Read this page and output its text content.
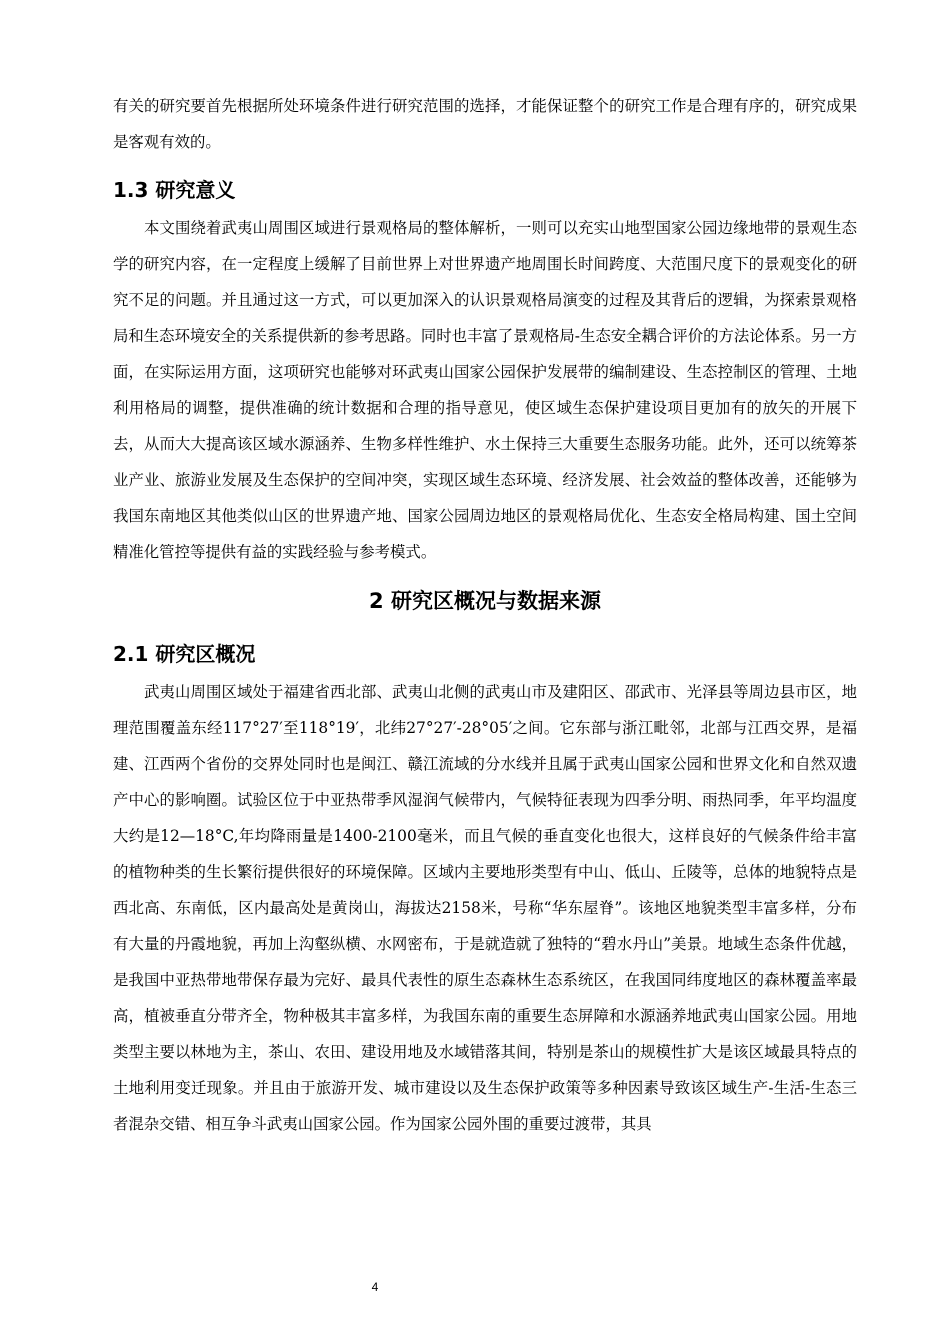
有关的研究要首先根据所处环境条件进行研究范围的选择，才能保证整个的研究工作是合理有序的，研究成果是客观有效的。

1.3 研究意义

本文围绕着武夷山周围区域进行景观格局的整体解析，一则可以充实山地型国家公园边缘地带的景观生态学的研究内容，在一定程度上缓解了目前世界上对世界遗产地周围长时间跨度、大范围尺度下的景观变化的研究不足的问题。并且通过这一方式，可以更加深入的认识景观格局演变的过程及其背后的逻辑，为探索景观格局和生态环境安全的关系提供新的参考思路。同时也丰富了景观格局-生态安全耦合评价的方法论体系。另一方面，在实际运用方面，这项研究也能够对环武夷山国家公园保护发展带的编制建设、生态控制区的管理、土地利用格局的调整，提供准确的统计数据和合理的指导意见，使区域生态保护建设项目更加有的放矢的开展下去，从而大大提高该区域水源涵养、生物多样性维护、水土保持三大重要生态服务功能。此外，还可以统筹茶业产业、旅游业发展及生态保护的空间冲突，实现区域生态环境、经济发展、社会效益的整体改善，还能够为我国东南地区其他类似山区的世界遗产地、国家公园周边地区的景观格局优化、生态安全格局构建、国土空间精准化管控等提供有益的实践经验与参考模式。

2 研究区概况与数据来源
2.1 研究区概况

武夷山周围区域处于福建省西北部、武夷山北侧的武夷山市及建阳区、邵武市、光泽县等周边县市区，地理范围覆盖东经117°27′至118°19′，北纬27°27′-28°05′之间。它东部与浙江毗邻，北部与江西交界，是福建、江西两个省份的交界处同时也是闽江、赣江流域的分水线并且属于武夷山国家公园和世界文化和自然双遗产中心的影响圈。试验区位于中亚热带季风湿润气候带内，气候特征表现为四季分明、雨热同季，年平均温度大约是12—18°C,年均降雨量是1400-2100毫米，而且气候的垂直变化也很大，这样良好的气候条件给丰富的植物种类的生长繁衍提供很好的环境保障。区域内主要地形类型有中山、低山、丘陵等，总体的地貌特点是西北高、东南低，区内最高处是黄岗山，海拔达2158米，号称“华东屋脊”。该地区地貌类型丰富多样，分布有大量的丹霞地貌，再加上沟壑纵横、水网密布，于是就造就了独特的“碧水丹山”美景。地域生态条件优越，是我国中亚热带地带保存最为完好、最具代表性的原生态森林生态系统区，在我国同纬度地区的森林覆盖率最高，植被垂直分带齐全，物种极其丰富多样，为我国东南的重要生态屏障和水源涵养地武夷山国家公园。用地类型主要以林地为主，茶山、农田、建设用地及水域错落其间，特别是茶山的规模性扩大是该区域最具特点的土地利用变迁现象。并且由于旅游开发、城市建设以及生态保护政策等多种因素导致该区域生产-生活-生态三者混杂交错、相互争斗武夷山国家公园。作为国家公园外围的重要过渡带，其具

4
